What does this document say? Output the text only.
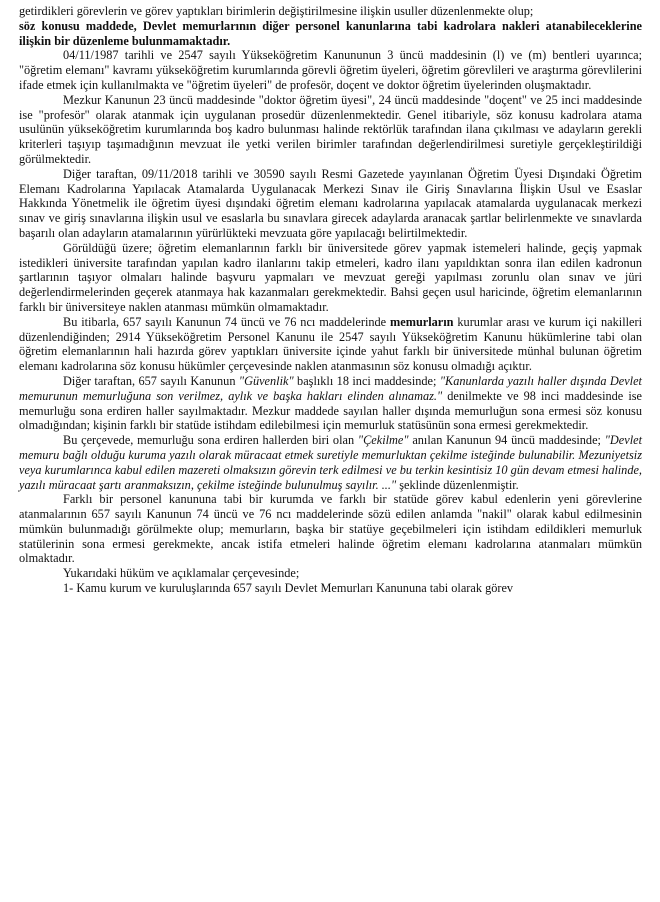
getirdikleri görevlerin ve görev yaptıkları birimlerin değiştirilmesine ilişkin usuller düzenlenmekte olup;
söz konusu maddede, Devlet memurlarının diğer personel kanunlarına tabi kadrolara nakleri atanabileceklerine ilişkin bir düzenleme bulunmamaktadır.

04/11/1987 tarihli ve 2547 sayılı Yükseköğretim Kanununun 3 üncü maddesinin (l) ve (m) bentleri uyarınca; "öğretim elemanı" kavramı yükseköğretim kurumlarında görevli öğretim üyeleri, öğretim görevlileri ve araştırma görevlilerini ifade etmek için kullanılmakta ve "öğretim üyeleri" de profesör, doçent ve doktor öğretim üyelerinden oluşmaktadır.

Mezkur Kanunun 23 üncü maddesinde "doktor öğretim üyesi", 24 üncü maddesinde "doçent" ve 25 inci maddesinde ise "profesör" olarak atanmak için uygulanan prosedür düzenlenmektedir. Genel itibariyle, söz konusu kadrolara atama usulünün yükseköğretim kurumlarında boş kadro bulunması halinde rektörlük tarafından ilana çıkılması ve adayların gerekli kriterleri taşıyıp taşımadığının mevzuat ile yetki verilen birimler tarafından değerlendirilmesi suretiyle gerçekleştirildiği görülmektedir.

Diğer taraftan, 09/11/2018 tarihli ve 30590 sayılı Resmi Gazetede yayınlanan Öğretim Üyesi Dışındaki Öğretim Elemanı Kadrolarına Yapılacak Atamalarda Uygulanacak Merkezi Sınav ile Giriş Sınavlarına İlişkin Usul ve Esaslar Hakkında Yönetmelik ile öğretim üyesi dışındaki öğretim elemanı kadrolarına yapılacak atamalarda uygulanacak merkezi sınav ve giriş sınavlarına ilişkin usul ve esaslarla bu sınavlara girecek adaylarda aranacak şartlar belirlenmekte ve sınavlarda başarılı olan adayların atamalarının yürürlükteki mevzuata göre yapılacağı belirtilmektedir.

Görüldüğü üzere; öğretim elemanlarının farklı bir üniversitede görev yapmak istemeleri halinde, geçiş yapmak istedikleri üniversite tarafından yapılan kadro ilanlarını takip etmeleri, kadro ilanı yapıldıktan sonra ilan edilen kadronun şartlarının taşıyor olmaları halinde başvuru yapmaları ve mevzuat gereği yapılması zorunlu olan sınav ve jüri değerlendirmelerinden geçerek atanmaya hak kazanmaları gerekmektedir. Bahsi geçen usul haricinde, öğretim elemanlarının farklı bir üniversiteye naklen atanması mümkün olmamaktadır.

Bu itibarla, 657 sayılı Kanunun 74 üncü ve 76 ncı maddelerinde memurların kurumlar arası ve kurum içi nakilleri düzenlendiğinden; 2914 Yükseköğretim Personel Kanunu ile 2547 sayılı Yükseköğretim Kanunu hükümlerine tabi olan öğretim elemanlarının hali hazırda görev yaptıkları üniversite içinde yahut farklı bir üniversitede münhal bulunan öğretim elemanı kadrolarına söz konusu hükümler çerçevesinde naklen atanmasının söz konusu olmadığı açıktır.

Diğer taraftan, 657 sayılı Kanunun "Güvenlik" başlıklı 18 inci maddesinde; "Kanunlarda yazılı haller dışında Devlet memurunun memurluğuna son verilmez, aylık ve başka hakları elinden alınamaz." denilmekte ve 98 inci maddesinde ise memurluğu sona erdiren haller sayılmaktadır. Mezkur maddede sayılan haller dışında memurluğun sona ermesi söz konusu olmadığından; kişinin farklı bir statüde istihdam edilebilmesi için memurluk statüsünün sona ermesi gerekmektedir.

Bu çerçevede, memurluğu sona erdiren hallerden biri olan "Çekilme" anılan Kanunun 94 üncü maddesinde; "Devlet memuru bağlı olduğu kuruma yazılı olarak müracaat etmek suretiyle memurluktan çekilme isteğinde bulunabilir. Mezuniyetsiz veya kurumlarınca kabul edilen mazereti olmaksızın görevin terk edilmesi ve bu terkin kesintisiz 10 gün devam etmesi halinde, yazılı müracaat şartı aranmaksızın, çekilme isteğinde bulunulmuş sayılır. ..." şeklinde düzenlenmiştir.

Farklı bir personel kanununa tabi bir kurumda ve farklı bir statüde görev kabul edenlerin yeni görevlerine atanmalarının 657 sayılı Kanunun 74 üncü ve 76 ncı maddelerinde sözü edilen anlamda "nakil" olarak kabul edilmesinin mümkün bulunmadığı görülmekte olup; memurların, başka bir statüye geçebilmeleri için istihdam edildikleri memurluk statülerinin sona ermesi gerekmekte, ancak istifa etmeleri halinde öğretim elemanı kadrolarına atanmaları mümkün olmaktadır.

Yukarıdaki hüküm ve açıklamalar çerçevesinde;

1- Kamu kurum ve kuruluşlarında 657 sayılı Devlet Memurları Kanununa tabi olarak görev
